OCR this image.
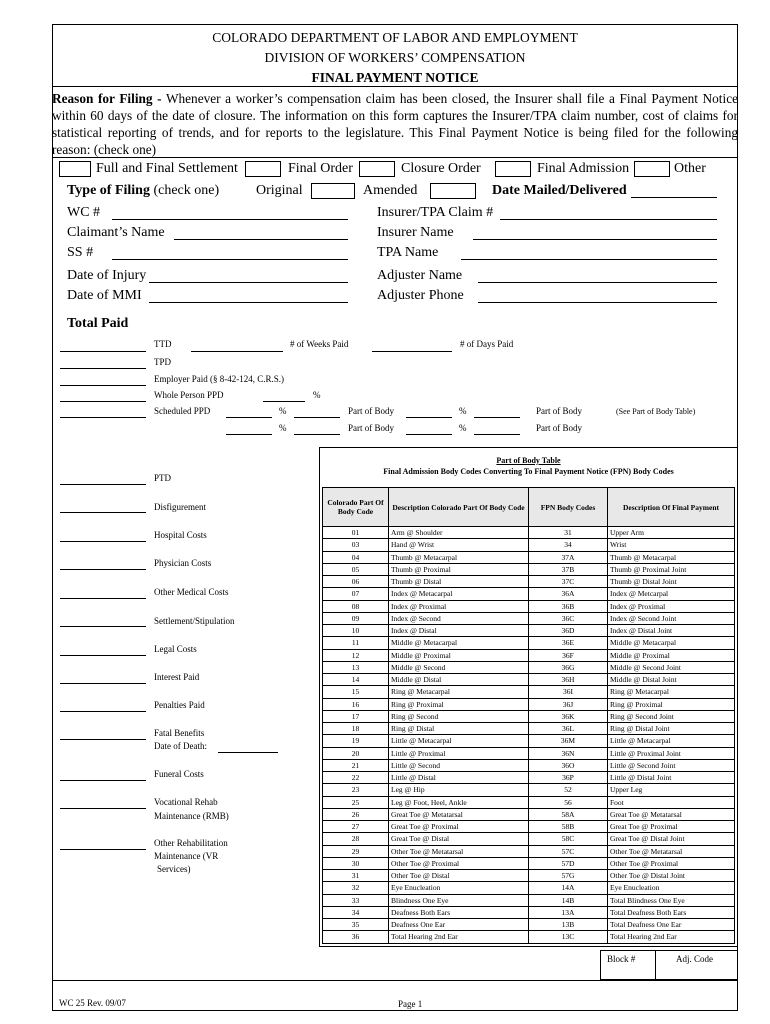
COLORADO DEPARTMENT OF LABOR AND EMPLOYMENT
DIVISION OF WORKERS’ COMPENSATION
FINAL PAYMENT NOTICE
Reason for Filing - Whenever a worker’s compensation claim has been closed, the Insurer shall file a Final Payment Notice within 60 days of the date of closure. The information on this form captures the Insurer/TPA claim number, cost of claims for statistical reporting of trends, and for reports to the legislature. This Final Payment Notice is being filed for the following reason: (check one)
Full and Final Settlement	Final Order	Closure Order	Final Admission	Other
Type of Filing (check one)	Original	Amended	Date Mailed/Delivered
WC #
Claimant’s Name
SS #
Date of Injury
Date of MMI
Insurer/TPA Claim #
Insurer Name
TPA Name
Adjuster Name
Adjuster Phone
Total Paid
TTD	# of Weeks Paid	# of Days Paid
TPD
Employer Paid (§ 8-42-124, C.R.S.)
Whole Person PPD	%
Scheduled PPD	%	Part of Body	%	Part of Body	(See Part of Body Table)
%	Part of Body	%	Part of Body
PTD
Disfigurement
Hospital Costs
Physician Costs
Other Medical Costs
Settlement/Stipulation
Legal Costs
Interest Paid
Penalties Paid
Fatal Benefits
Date of Death:
Funeral Costs
Vocational Rehab
Maintenance (RMB)
Other Rehabilitation
Maintenance (VR
Services)
Part of Body Table
Final Admission Body Codes Converting To Final Payment Notice (FPN) Body Codes
Colorado Part Of Body Code	Description Colorado Part Of Body Code	FPN Body Codes	Description Of Final Payment
01	Arm @ Shoulder	31	Upper Arm
03	Hand @ Wrist	34	Wrist
04	Thumb @ Metacarpal	37A	Thumb @ Metacarpal
05	Thumb @ Proximal	37B	Thumb @ Proximal Joint
06	Thumb @ Distal	37C	Thumb @ Distal Joint
07	Index @ Metacarpal	36A	Index @ Metcarpal
08	Index @ Proximal	36B	Index @ Proximal
09	Index @ Second	36C	Index @ Second Joint
10	Index @ Distal	36D	Index @ Distal Joint
11	Middle @ Metacarpal	36E	Middle @ Metacarpal
12	Middle @ Proximal	36F	Middle @ Proximal
13	Middle @ Second	36G	Middle @ Second Joint
14	Middle @ Distal	36H	Middle @ Distal Joint
15	Ring @ Metacarpal	36I	Ring @ Metacarpal
16	Ring @ Proximal	36J	Ring @ Proximal
17	Ring @ Second	36K	Ring @ Second Joint
18	Ring @ Distal	36L	Ring @ Distal Joint
19	Little @ Metacarpal	36M	Little @ Metacarpal
20	Little @ Proximal	36N	Little @ Proximal Joint
21	Little @ Second	36O	Little @ Second Joint
22	Little @ Distal	36P	Little @ Distal Joint
23	Leg @ Hip	52	Upper Leg
25	Leg @ Foot, Heel, Ankle	56	Foot
26	Great Toe @ Metatarsal	58A	Great Toe @ Metatarsal
27	Great Toe @ Proximal	58B	Great Toe @ Proximal
28	Great Toe @ Distal	58C	Great Toe @ Distal Joint
29	Other Toe @ Metatarsal	57C	Other Toe @ Metatarsal
30	Other Toe @ Proximal	57D	Other Toe @ Proximal
31	Other Toe @ Distal	57G	Other Toe @ Distal Joint
32	Eye Enucleation	14A	Eye Enucleation
33	Blindness One Eye	14B	Total Blindness One Eye
34	Deafness Both Ears	13A	Total Deafness Both Ears
35	Deafness One Ear	13B	Total Deafness One Ear
36	Total Hearing 2nd Ear	13C	Total Hearing 2nd Ear
Block #	Adj. Code
WC 25 Rev. 09/07	Page 1
